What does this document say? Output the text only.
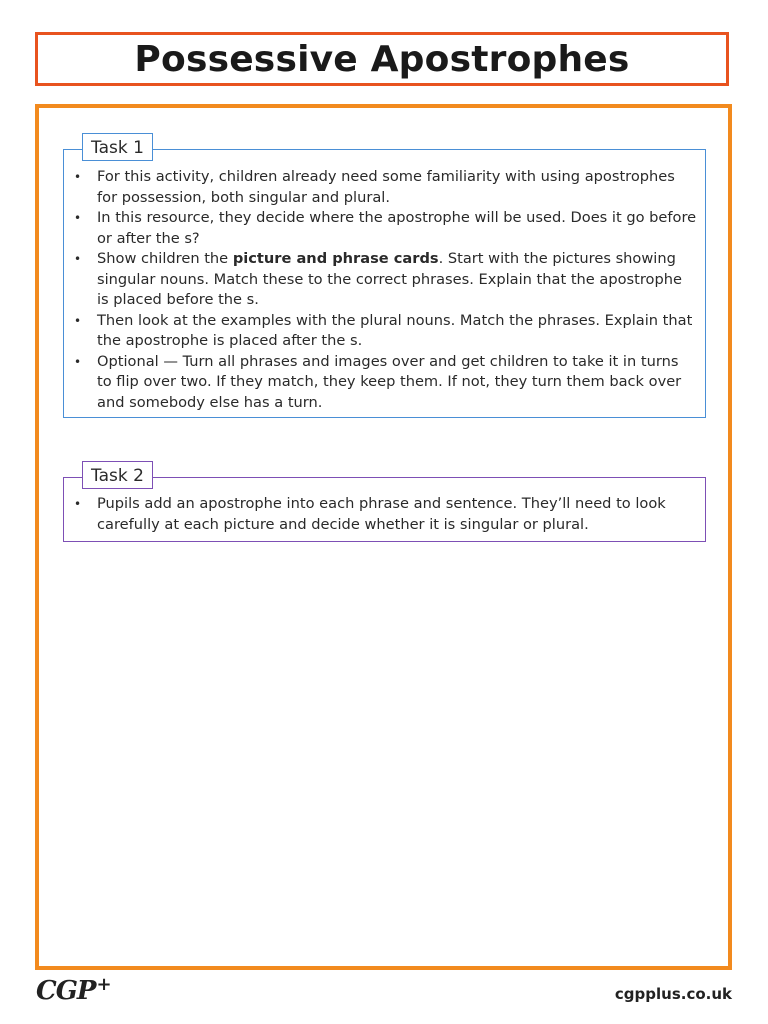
Possessive Apostrophes
Task 1
• For this activity, children already need some familiarity with using apostrophes for possession, both singular and plural.
• In this resource, they decide where the apostrophe will be used. Does it go before or after the s?
• Show children the picture and phrase cards. Start with the pictures showing singular nouns. Match these to the correct phrases. Explain that the apostrophe is placed before the s.
• Then look at the examples with the plural nouns. Match the phrases. Explain that the apostrophe is placed after the s.
• Optional — Turn all phrases and images over and get children to take it in turns to flip over two. If they match, they keep them. If not, they turn them back over and somebody else has a turn.
Task 2
• Pupils add an apostrophe into each phrase and sentence. They’ll need to look carefully at each picture and decide whether it is singular or plural.
CGP +	cgpplus.co.uk
